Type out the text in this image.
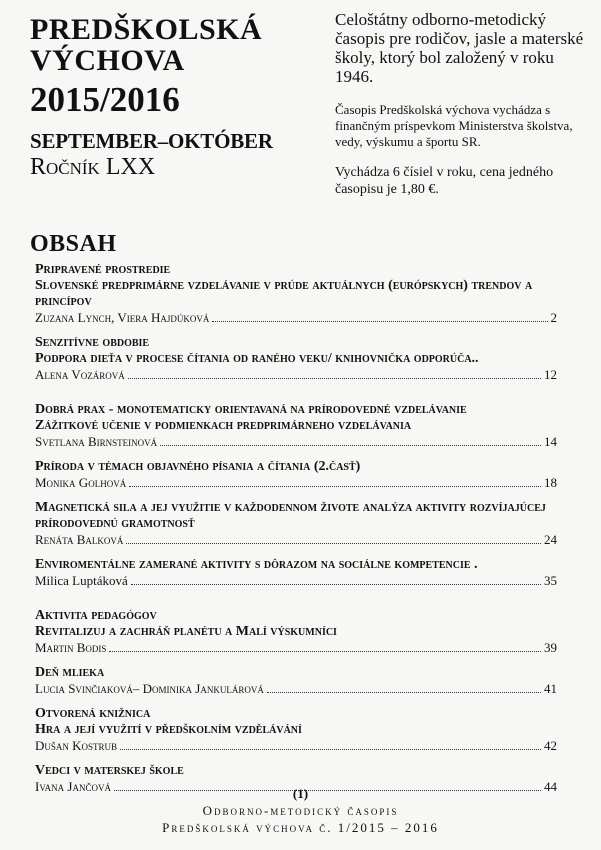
PREDŠKOLSKÁ
VÝCHOVA
2015/2016
SEPTEMBER–OKTÓBER
Ročník LXX
Celoštátny odborno-metodický časopis pre rodičov, jasle a materské školy, ktorý bol založený v roku 1946.
Časopis Predškolská výchova vychádza s finančným príspevkom Ministerstva školstva, vedy, výskumu a športu SR.
Vychádza 6 čísiel v roku, cena jedného časopisu je 1,80 €.
OBSAH
Pripravené prostredie
Slovenské predprimárne vzdelávanie v prúde aktuálnych (európskych) trendov a princípov
Zuzana Lynch, Viera Hajdúková	2
Senzitívne obdobie
Podpora dieťa v procese čítania od raného veku/ knihovnička odporúča..
Alena Vozárová	12
Dobrá prax - monotematicky orientavaná na prírodovedné vzdelávanie
Zážitkové učenie v podmienkach predprimárneho vzdelávania
Svetlana Birnsteinová	14
Príroda v témach objavného písania a čítania (2.časť)
Monika Golhová	18
Magnetická sila a jej využitie v každodennom živote analýza aktivity rozvíjajúcej prírodovednú gramotnosť
Renáta Balková	24
Enviromentálne zamerané aktivity s dôrazom na sociálne kompetencie .
Milica Luptáková	35
Aktivita pedagógov
Revitalizuj a zachráň planétu a Malí výskumníci
Martin Bodis	39
Deň mlieka
Lucia Svinčiaková– Dominika Jankulárová	41
Otvorená knižnica
Hra a její využití v předškolním vzdělávání
Dušan Kostrub	42
Vedci v materskej škole
Ivana Jančová	44
(1)
Odborno-metodický časopis
Predškolská výchova č. 1/2015 – 2016
